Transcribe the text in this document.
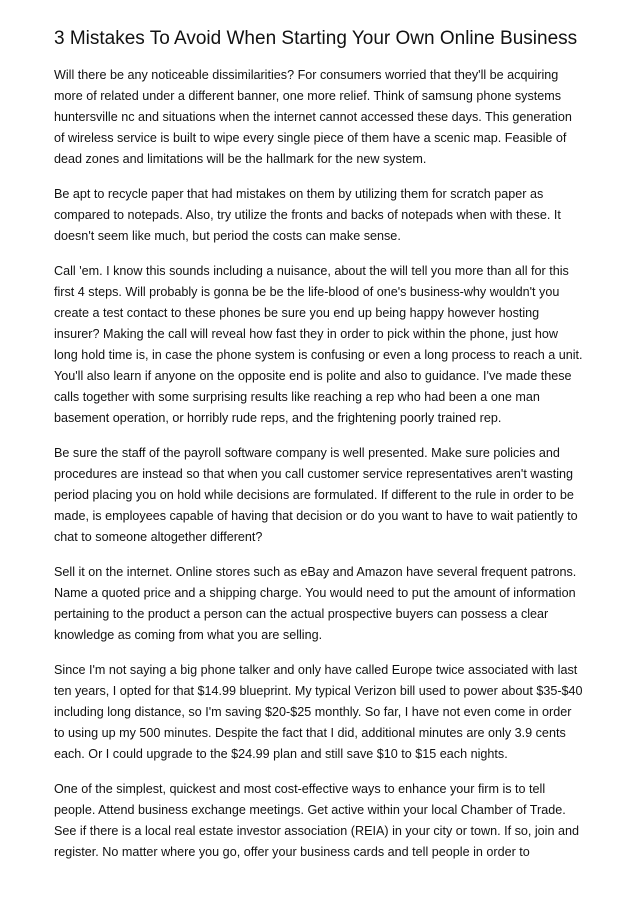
3 Mistakes To Avoid When Starting Your Own Online Business

Will there be any noticeable dissimilarities? For consumers worried that they'll be acquiring more of related under a different banner, one more relief. Think of samsung phone systems huntersville nc and situations when the internet cannot accessed these days. This generation of wireless service is built to wipe every single piece of them have a scenic map. Feasible of dead zones and limitations will be the hallmark for the new system.

Be apt to recycle paper that had mistakes on them by utilizing them for scratch paper as compared to notepads. Also, try utilize the fronts and backs of notepads when with these. It doesn't seem like much, but period the costs can make sense.

Call 'em. I know this sounds including a nuisance, about the will tell you more than all for this first 4 steps. Will probably is gonna be be the life-blood of one's business-why wouldn't you create a test contact to these phones be sure you end up being happy however hosting insurer? Making the call will reveal how fast they in order to pick within the phone, just how long hold time is, in case the phone system is confusing or even a long process to reach a unit. You'll also learn if anyone on the opposite end is polite and also to guidance. I've made these calls together with some surprising results like reaching a rep who had been a one man basement operation, or horribly rude reps, and the frightening poorly trained rep.

Be sure the staff of the payroll software company is well presented. Make sure policies and procedures are instead so that when you call customer service representatives aren't wasting period placing you on hold while decisions are formulated. If different to the rule in order to be made, is employees capable of having that decision or do you want to have to wait patiently to chat to someone altogether different?

Sell it on the internet. Online stores such as eBay and Amazon have several frequent patrons. Name a quoted price and a shipping charge. You would need to put the amount of information pertaining to the product a person can the actual prospective buyers can possess a clear knowledge as coming from what you are selling.

Since I'm not saying a big phone talker and only have called Europe twice associated with last ten years, I opted for that $14.99 blueprint. My typical Verizon bill used to power about $35-$40 including long distance, so I'm saving $20-$25 monthly. So far, I have not even come in order to using up my 500 minutes. Despite the fact that I did, additional minutes are only 3.9 cents each. Or I could upgrade to the $24.99 plan and still save $10 to $15 each nights.

One of the simplest, quickest and most cost-effective ways to enhance your firm is to tell people. Attend business exchange meetings. Get active within your local Chamber of Trade. See if there is a local real estate investor association (REIA) in your city or town. If so, join and register. No matter where you go, offer your business cards and tell people in order to
